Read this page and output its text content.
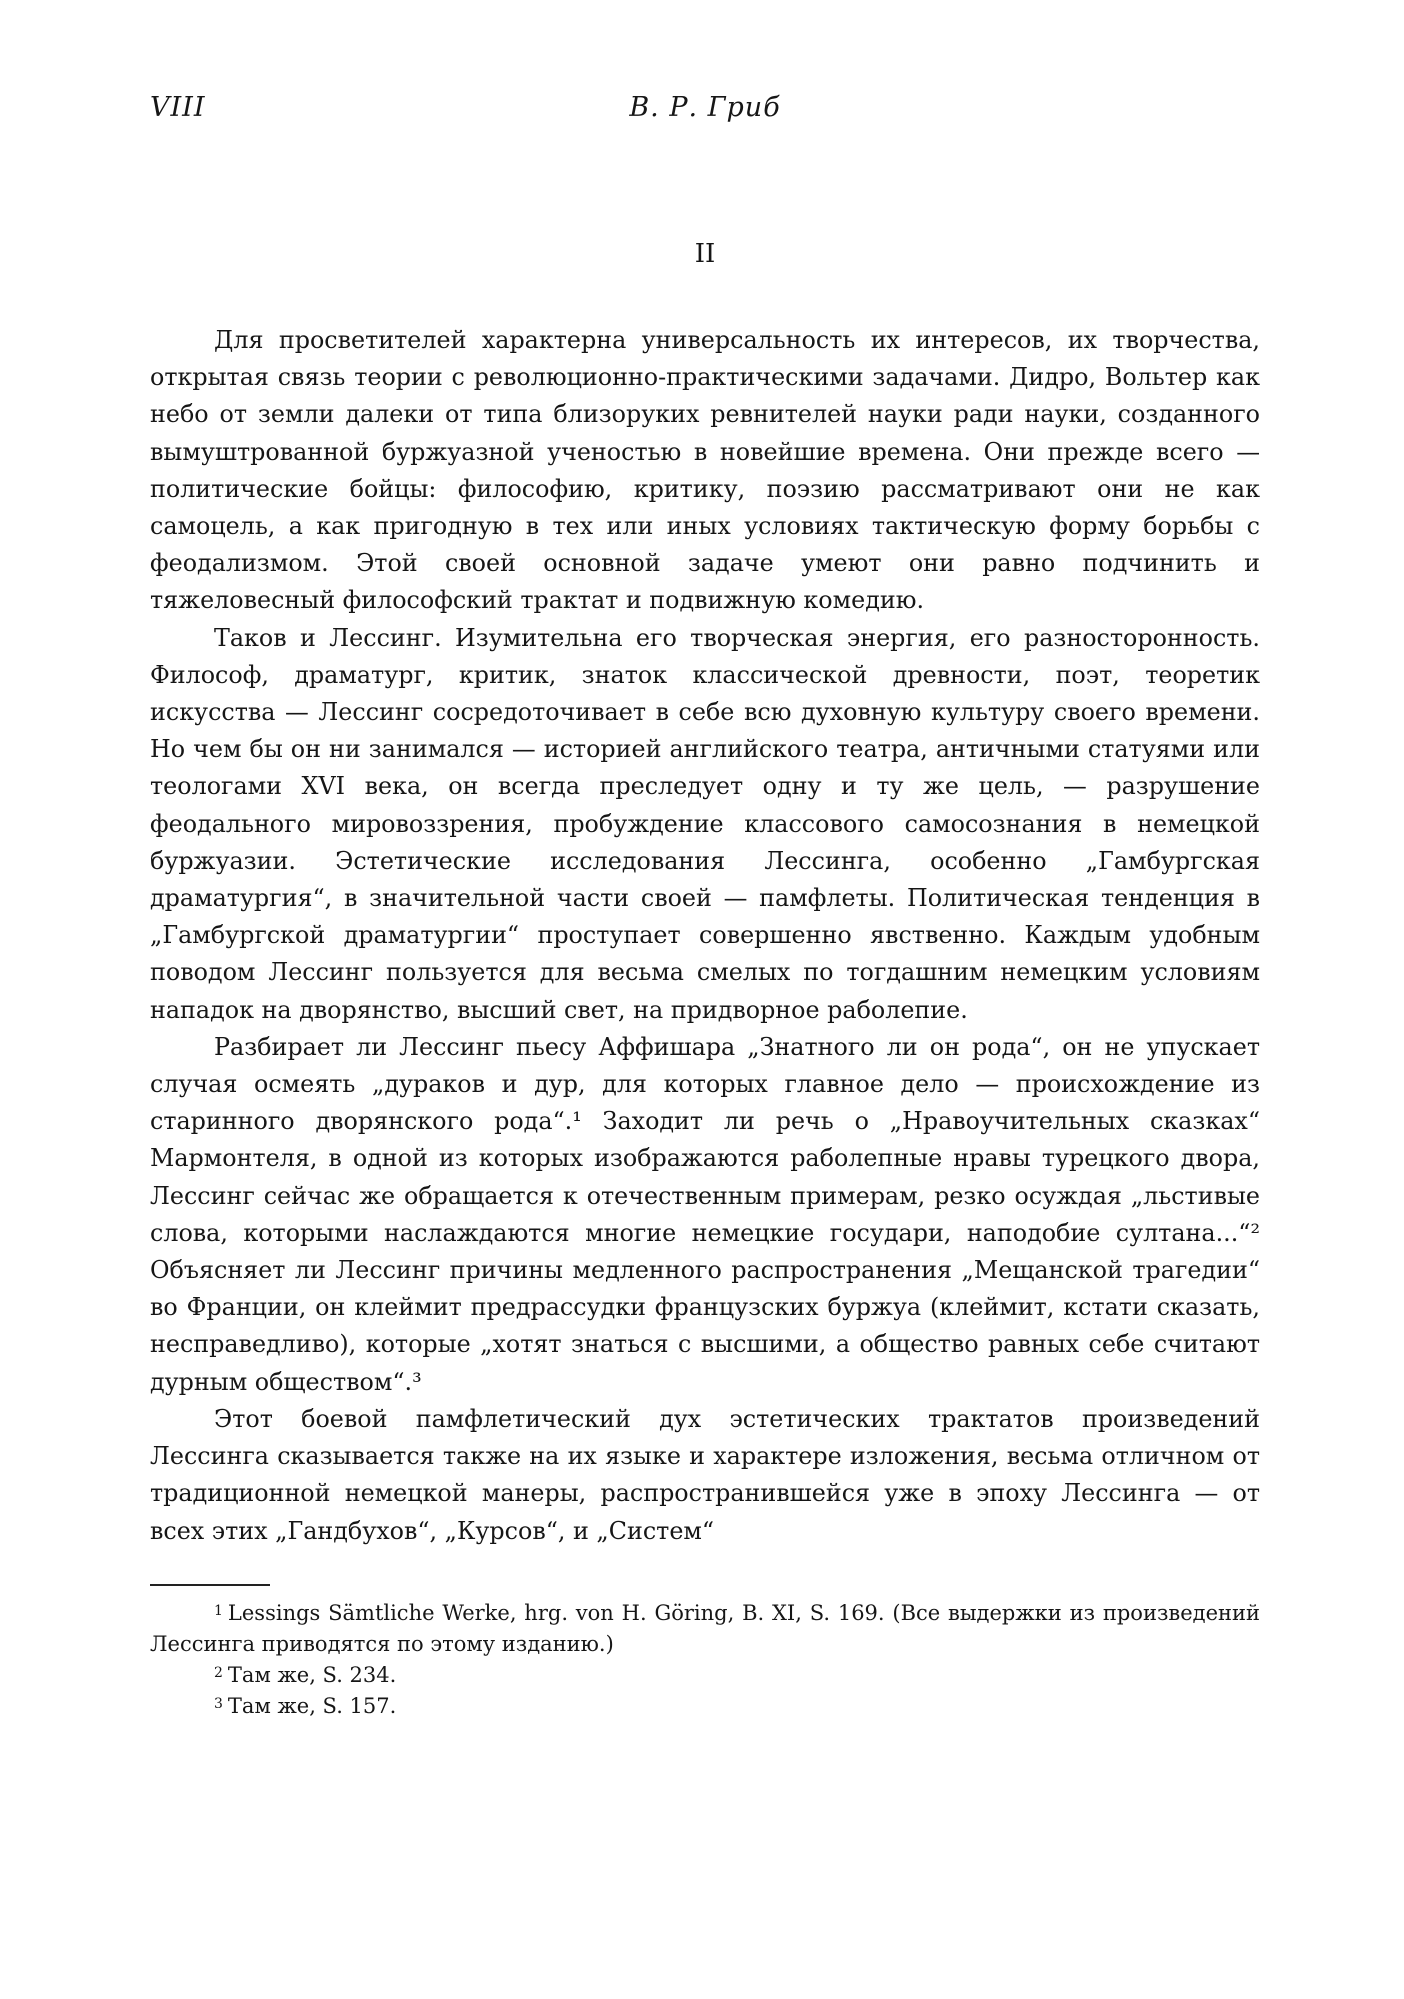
VIII	В. Р. Гриб
II

Для просветителей характерна универсальность их интересов, их творчества, открытая связь теории с революционно-практическими задачами. Дидро, Вольтер как небо от земли далеки от типа близоруких ревнителей науки ради науки, созданного вымуштрованной буржуазной ученостью в новейшие времена. Они прежде всего — политические бойцы: философию, критику, поэзию рассматривают они не как самоцель, а как пригодную в тех или иных условиях тактическую форму борьбы с феодализмом. Этой своей основной задаче умеют они равно подчинить и тяжеловесный философский трактат и подвижную комедию.

Таков и Лессинг. Изумительна его творческая энергия, его разносторонность. Философ, драматург, критик, знаток классической древности, поэт, теоретик искусства — Лессинг сосредоточивает в себе всю духовную культуру своего времени. Но чем бы он ни занимался — историей английского театра, античными статуями или теологами XVI века, он всегда преследует одну и ту же цель, — разрушение феодального мировоззрения, пробуждение классового самосознания в немецкой буржуазии. Эстетические исследования Лессинга, особенно „Гамбургская драматургия“, в значительной части своей — памфлеты. Политическая тенденция в „Гамбургской драматургии“ проступает совершенно явственно. Каждым удобным поводом Лессинг пользуется для весьма смелых по тогдашним немецким условиям нападок на дворянство, высший свет, на придворное раболепие.

Разбирает ли Лессинг пьесу Аффишара „Знатного ли он рода“, он не упускает случая осмеять „дураков и дур, для которых главное дело — происхождение из старинного дворянского рода“.¹ Заходит ли речь о „Нравоучительных сказках“ Мармонтеля, в одной из которых изображаются раболепные нравы турецкого двора, Лессинг сейчас же обращается к отечественным примерам, резко осуждая „льстивые слова, которыми наслаждаются многие немецкие государи, наподобие султана...“² Объясняет ли Лессинг причины медленного распространения „Мещанской трагедии“ во Франции, он клеймит предрассудки французских буржуа (клеймит, кстати сказать, несправедливо), которые „хотят знаться с высшими, а общество равных себе считают дурным обществом“.³

Этот боевой памфлетический дух эстетических трактатов произведений Лессинга сказывается также на их языке и характере изложения, весьма отличном от традиционной немецкой манеры, распространившейся уже в эпоху Лессинга — от всех этих „Гандбухов“, „Курсов“, и „Систем“

$^1$ Lessings Sämtliche Werke, hrg. von H. Göring, B. XI, S. 169. (Все выдержки из произведений Лессинга приводятся по этому изданию.)

$^2$ Там же, S. 234.

$^3$ Там же, S. 157.
